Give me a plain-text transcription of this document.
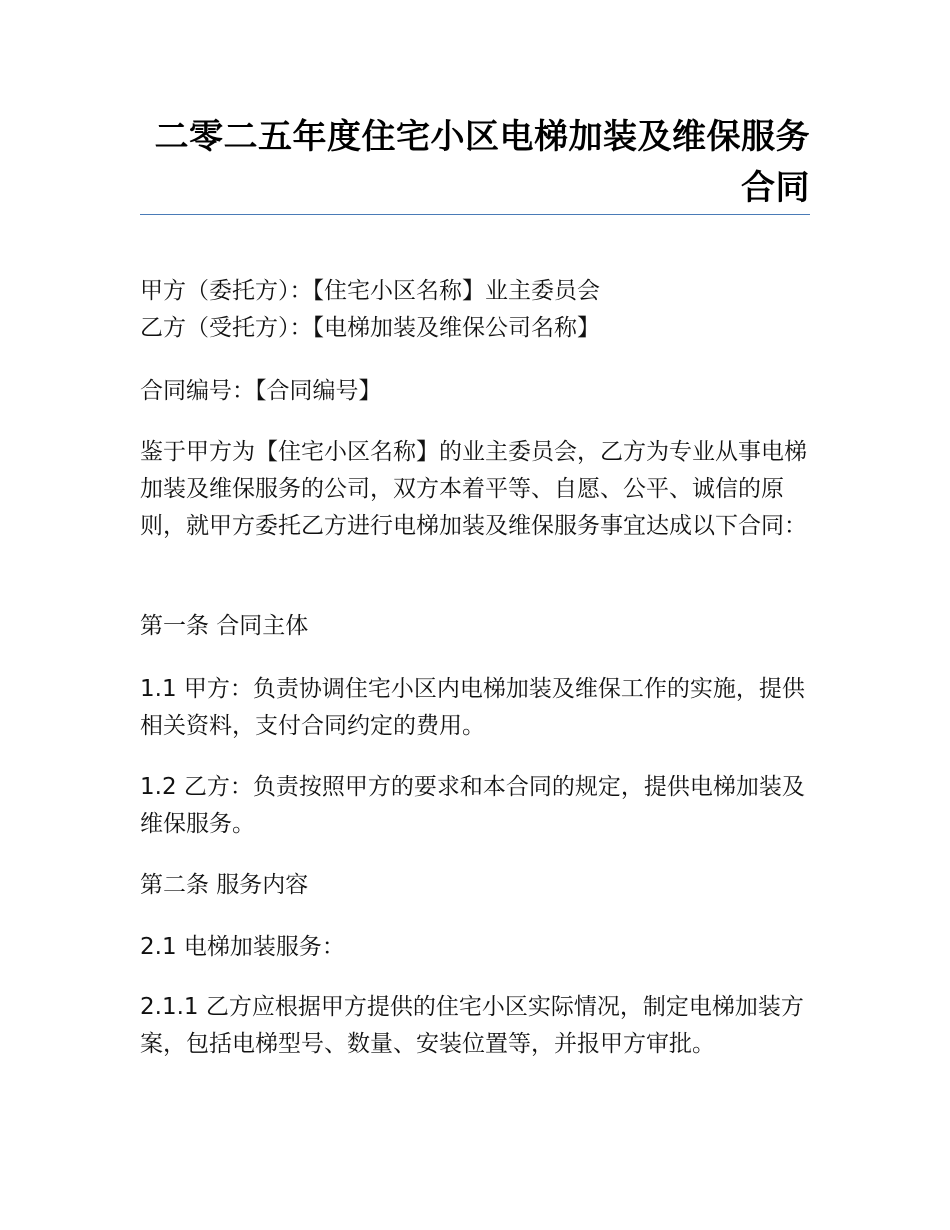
二零二五年度住宅小区电梯加装及维保服务合同
甲方（委托方）：【住宅小区名称】业主委员会
乙方（受托方）：【电梯加装及维保公司名称】
合同编号：【合同编号】
鉴于甲方为【住宅小区名称】的业主委员会，乙方为专业从事电梯加装及维保服务的公司，双方本着平等、自愿、公平、诚信的原则，就甲方委托乙方进行电梯加装及维保服务事宜达成以下合同：
第一条 合同主体
1.1 甲方：负责协调住宅小区内电梯加装及维保工作的实施，提供相关资料，支付合同约定的费用。
1.2 乙方：负责按照甲方的要求和本合同的规定，提供电梯加装及维保服务。
第二条 服务内容
2.1 电梯加装服务：
2.1.1 乙方应根据甲方提供的住宅小区实际情况，制定电梯加装方案，包括电梯型号、数量、安装位置等，并报甲方审批。
